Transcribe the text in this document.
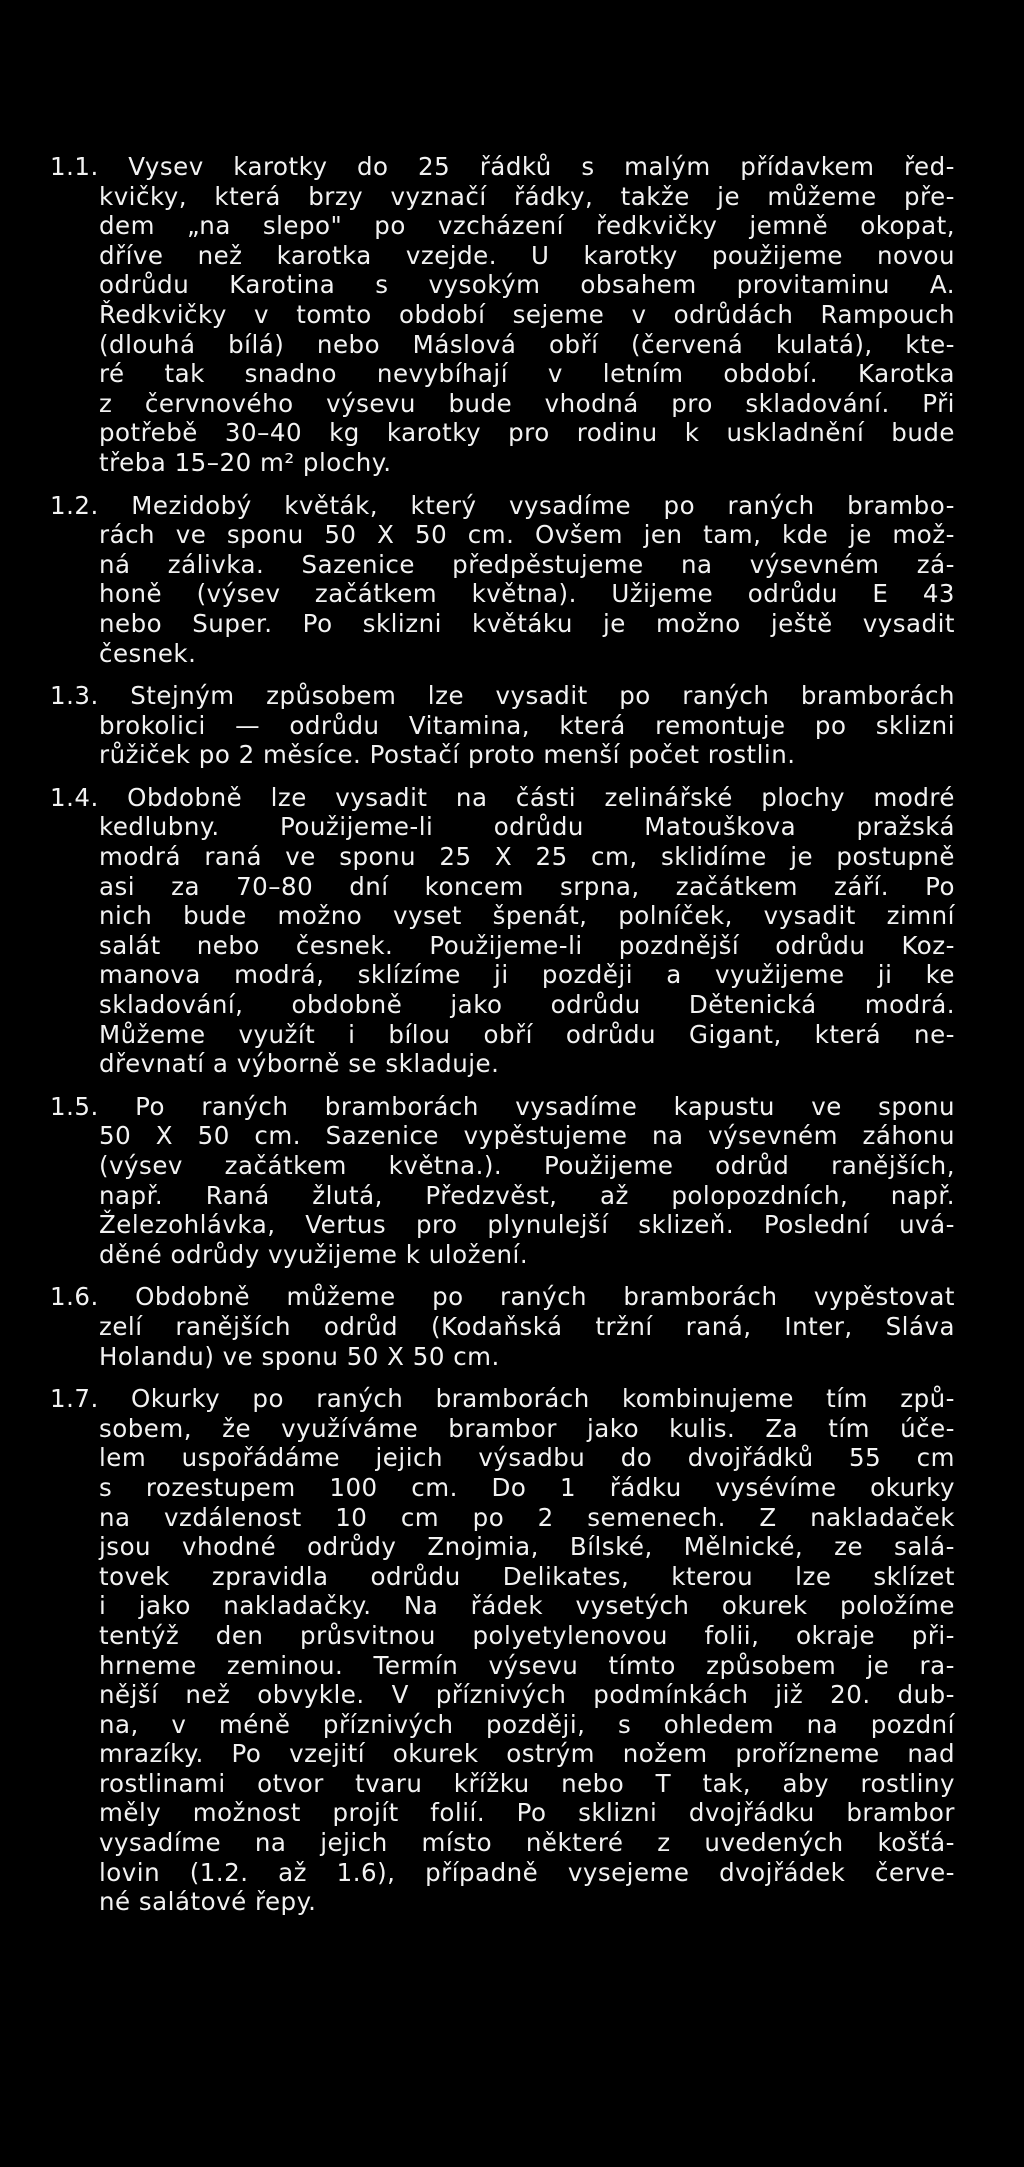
1.1. Vysev karotky do 25 řádků s malým přídavkem řed-
kvičky, která brzy vyznačí řádky, takže je můžeme pře-
dem „na slepo" po vzcházení ředkvičky jemně okopat,
dříve než karotka vzejde. U karotky použijeme novou
odrůdu Karotina s vysokým obsahem provitaminu A.
Ředkvičky v tomto období sejeme v odrůdách Rampouch
(dlouhá bílá) nebo Máslová obří (červená kulatá), kte-
ré tak snadno nevybíhají v letním období. Karotka
z červnového výsevu bude vhodná pro skladování. Při
potřebě 30–40 kg karotky pro rodinu k uskladnění bude
třeba 15–20 m² plochy.
1.2. Mezidobý květák, který vysadíme po raných brambo-
rách ve sponu 50 X 50 cm. Ovšem jen tam, kde je mož-
ná zálivka. Sazenice předpěstujeme na výsevném zá-
honě (výsev začátkem května). Užijeme odrůdu E 43
nebo Super. Po sklizni květáku je možno ještě vysadit
česnek.
1.3. Stejným způsobem lze vysadit po raných bramborách
brokolici — odrůdu Vitamina, která remontuje po sklizni
růžiček po 2 měsíce. Postačí proto menší počet rostlin.
1.4. Obdobně lze vysadit na části zelinářské plochy modré
kedlubny. Použijeme-li odrůdu Matouškova pražská
modrá raná ve sponu 25 X 25 cm, sklidíme je postupně
asi za 70–80 dní koncem srpna, začátkem září. Po
nich bude možno vyset špenát, polníček, vysadit zimní
salát nebo česnek. Použijeme-li pozdnější odrůdu Koz-
manova modrá, sklízíme ji později a využijeme ji ke
skladování, obdobně jako odrůdu Dětenická modrá.
Můžeme využít i bílou obří odrůdu Gigant, která ne-
dřevnatí a výborně se skladuje.
1.5. Po raných bramborách vysadíme kapustu ve sponu
50 X 50 cm. Sazenice vypěstujeme na výsevném záhonu
(výsev začátkem května.). Použijeme odrůd ranějších,
např. Raná žlutá, Předzvěst, až polopozdních, např.
Železohlávka, Vertus pro plynulejší sklizeň. Poslední uvá-
děné odrůdy využijeme k uložení.
1.6. Obdobně můžeme po raných bramborách vypěstovat
zelí ranějších odrůd (Kodaňská tržní raná, Inter, Sláva
Holandu) ve sponu 50 X 50 cm.
1.7. Okurky po raných bramborách kombinujeme tím způ-
sobem, že využíváme brambor jako kulis. Za tím úče-
lem uspořádáme jejich výsadbu do dvojřádků 55 cm
s rozestupem 100 cm. Do 1 řádku vysévíme okurky
na vzdálenost 10 cm po 2 semenech. Z nakladaček
jsou vhodné odrůdy Znojmia, Bílské, Mělnické, ze salá-
tovek zpravidla odrůdu Delikates, kterou lze sklízet
i jako nakladačky. Na řádek vysetých okurek položíme
tentýž den průsvitnou polyetylenovou folii, okraje při-
hrneme zeminou. Termín výsevu tímto způsobem je ra-
nější než obvykle. V příznivých podmínkách již 20. dub-
na, v méně příznivých později, s ohledem na pozdní
mrazíky. Po vzejití okurek ostrým nožem prořízneme nad
rostlinami otvor tvaru křížku nebo T tak, aby rostliny
měly možnost projít folií. Po sklizni dvojřádku brambor
vysadíme na jejich místo některé z uvedených košťá-
lovin (1.2. až 1.6), případně vysejeme dvojřádek červe-
né salátové řepy.
